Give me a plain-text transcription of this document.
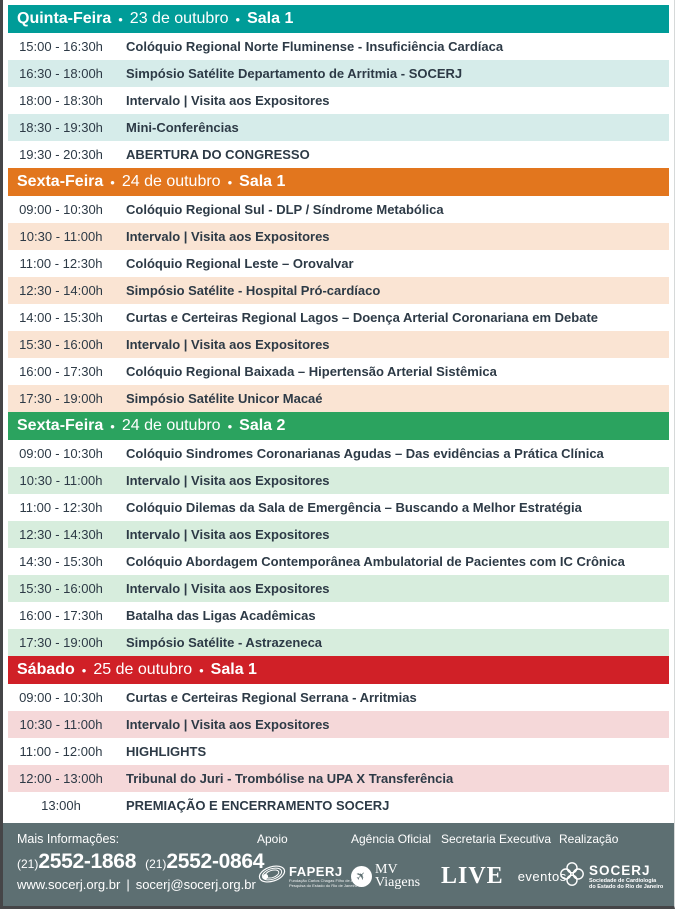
Quinta-Feira • 23 de outubro • Sala 1
15:00 - 16:30h	Colóquio Regional Norte Fluminense - Insuficiência Cardíaca
16:30 - 18:00h	Simpósio Satélite Departamento de Arritmia - SOCERJ
18:00 - 18:30h	Intervalo | Visita aos Expositores
18:30 - 19:30h	Mini-Conferências
19:30 - 20:30h	ABERTURA DO CONGRESSO
Sexta-Feira • 24 de outubro • Sala 1
09:00 - 10:30h	Colóquio Regional Sul - DLP / Síndrome Metabólica
10:30 - 11:00h	Intervalo | Visita aos Expositores
11:00 - 12:30h	Colóquio Regional Leste – Orovalvar
12:30 - 14:00h	Simpósio Satélite - Hospital Pró-cardíaco
14:00 - 15:30h	Curtas e Certeiras Regional Lagos – Doença Arterial Coronariana em Debate
15:30 - 16:00h	Intervalo | Visita aos Expositores
16:00 - 17:30h	Colóquio Regional Baixada – Hipertensão Arterial Sistêmica
17:30 - 19:00h	Simpósio Satélite Unicor Macaé
Sexta-Feira • 24 de outubro • Sala 2
09:00 - 10:30h	Colóquio Sindromes Coronarianas Agudas – Das evidências a Prática Clínica
10:30 - 11:00h	Intervalo | Visita aos Expositores
11:00 - 12:30h	Colóquio Dilemas da Sala de Emergência – Buscando a Melhor Estratégia
12:30 - 14:30h	Intervalo | Visita aos Expositores
14:30 - 15:30h	Colóquio Abordagem Contemporânea Ambulatorial de Pacientes com IC Crônica
15:30 - 16:00h	Intervalo | Visita aos Expositores
16:00 - 17:30h	Batalha das Ligas Acadêmicas
17:30 - 19:00h	Simpósio Satélite - Astrazeneca
Sábado • 25 de outubro • Sala 1
09:00 - 10:30h	Curtas e Certeiras Regional Serrana - Arritmias
10:30 - 11:00h	Intervalo | Visita aos Expositores
11:00 - 12:00h	HIGHLIGHTS
12:00 - 13:00h	Tribunal do Juri - Trombólise na UPA X Transferência
13:00h	PREMIAÇÃO E ENCERRAMENTO SOCERJ
Mais Informações:
(21)2552-1868 (21)2552-0864
www.socerj.org.br | socerj@socerj.org.br
Apoio
FAPERJ
Fundação Carlos Chagas Filho de Amparo à Pesquisa do Estado do Rio de Janeiro
Agência Oficial
✈ MV
Viagens
Secretaria Executiva
LIVE eventos
Realização
SOCERJ
Sociedade de Cardiologia
do Estado do Rio de Janeiro
